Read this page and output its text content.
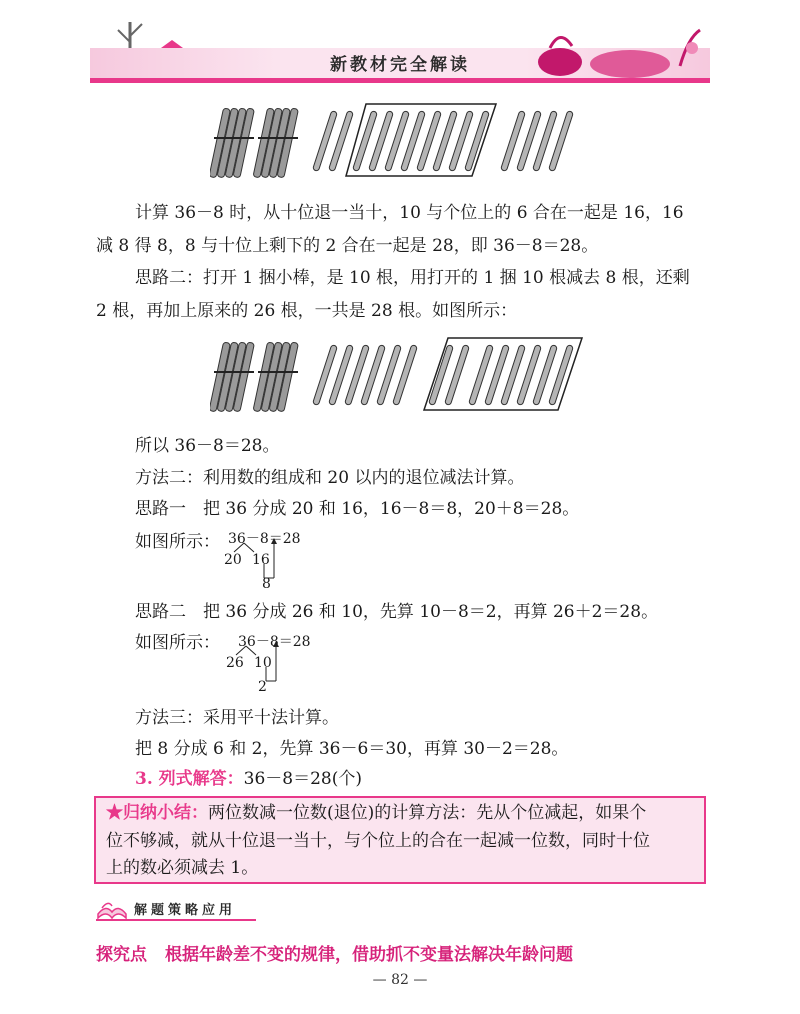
新教材完全解读
计算 36－8 时，从十位退一当十，10 与个位上的 6 合在一起是 16，16
减 8 得 8，8 与十位上剩下的 2 合在一起是 28，即 36－8＝28。
思路二：打开 1 捆小棒，是 10 根，用打开的 1 捆 10 根减去 8 根，还剩
2 根，再加上原来的 26 根，一共是 28 根。如图所示：
所以 36－8＝28。
方法二：利用数的组成和 20 以内的退位减法计算。
思路一　把 36 分成 20 和 16，16－8＝8，20＋8＝28。
如图所示： 36－8＝28
20 16
8
思路二　把 36 分成 26 和 10，先算 10－8＝2，再算 26＋2＝28。
如图所示： 36－8＝28
26 10
2
方法三：采用平十法计算。
把 8 分成 6 和 2，先算 36－6＝30，再算 30－2＝28。
3. 列式解答：36－8＝28(个)
★归纳小结：两位数减一位数(退位)的计算方法：先从个位减起，如果个
位不够减，就从十位退一当十，与个位上的合在一起减一位数，同时十位
上的数必须减去 1。
解题策略应用
探究点 根据年龄差不变的规律，借助抓不变量法解决年龄问题
— 82 —
